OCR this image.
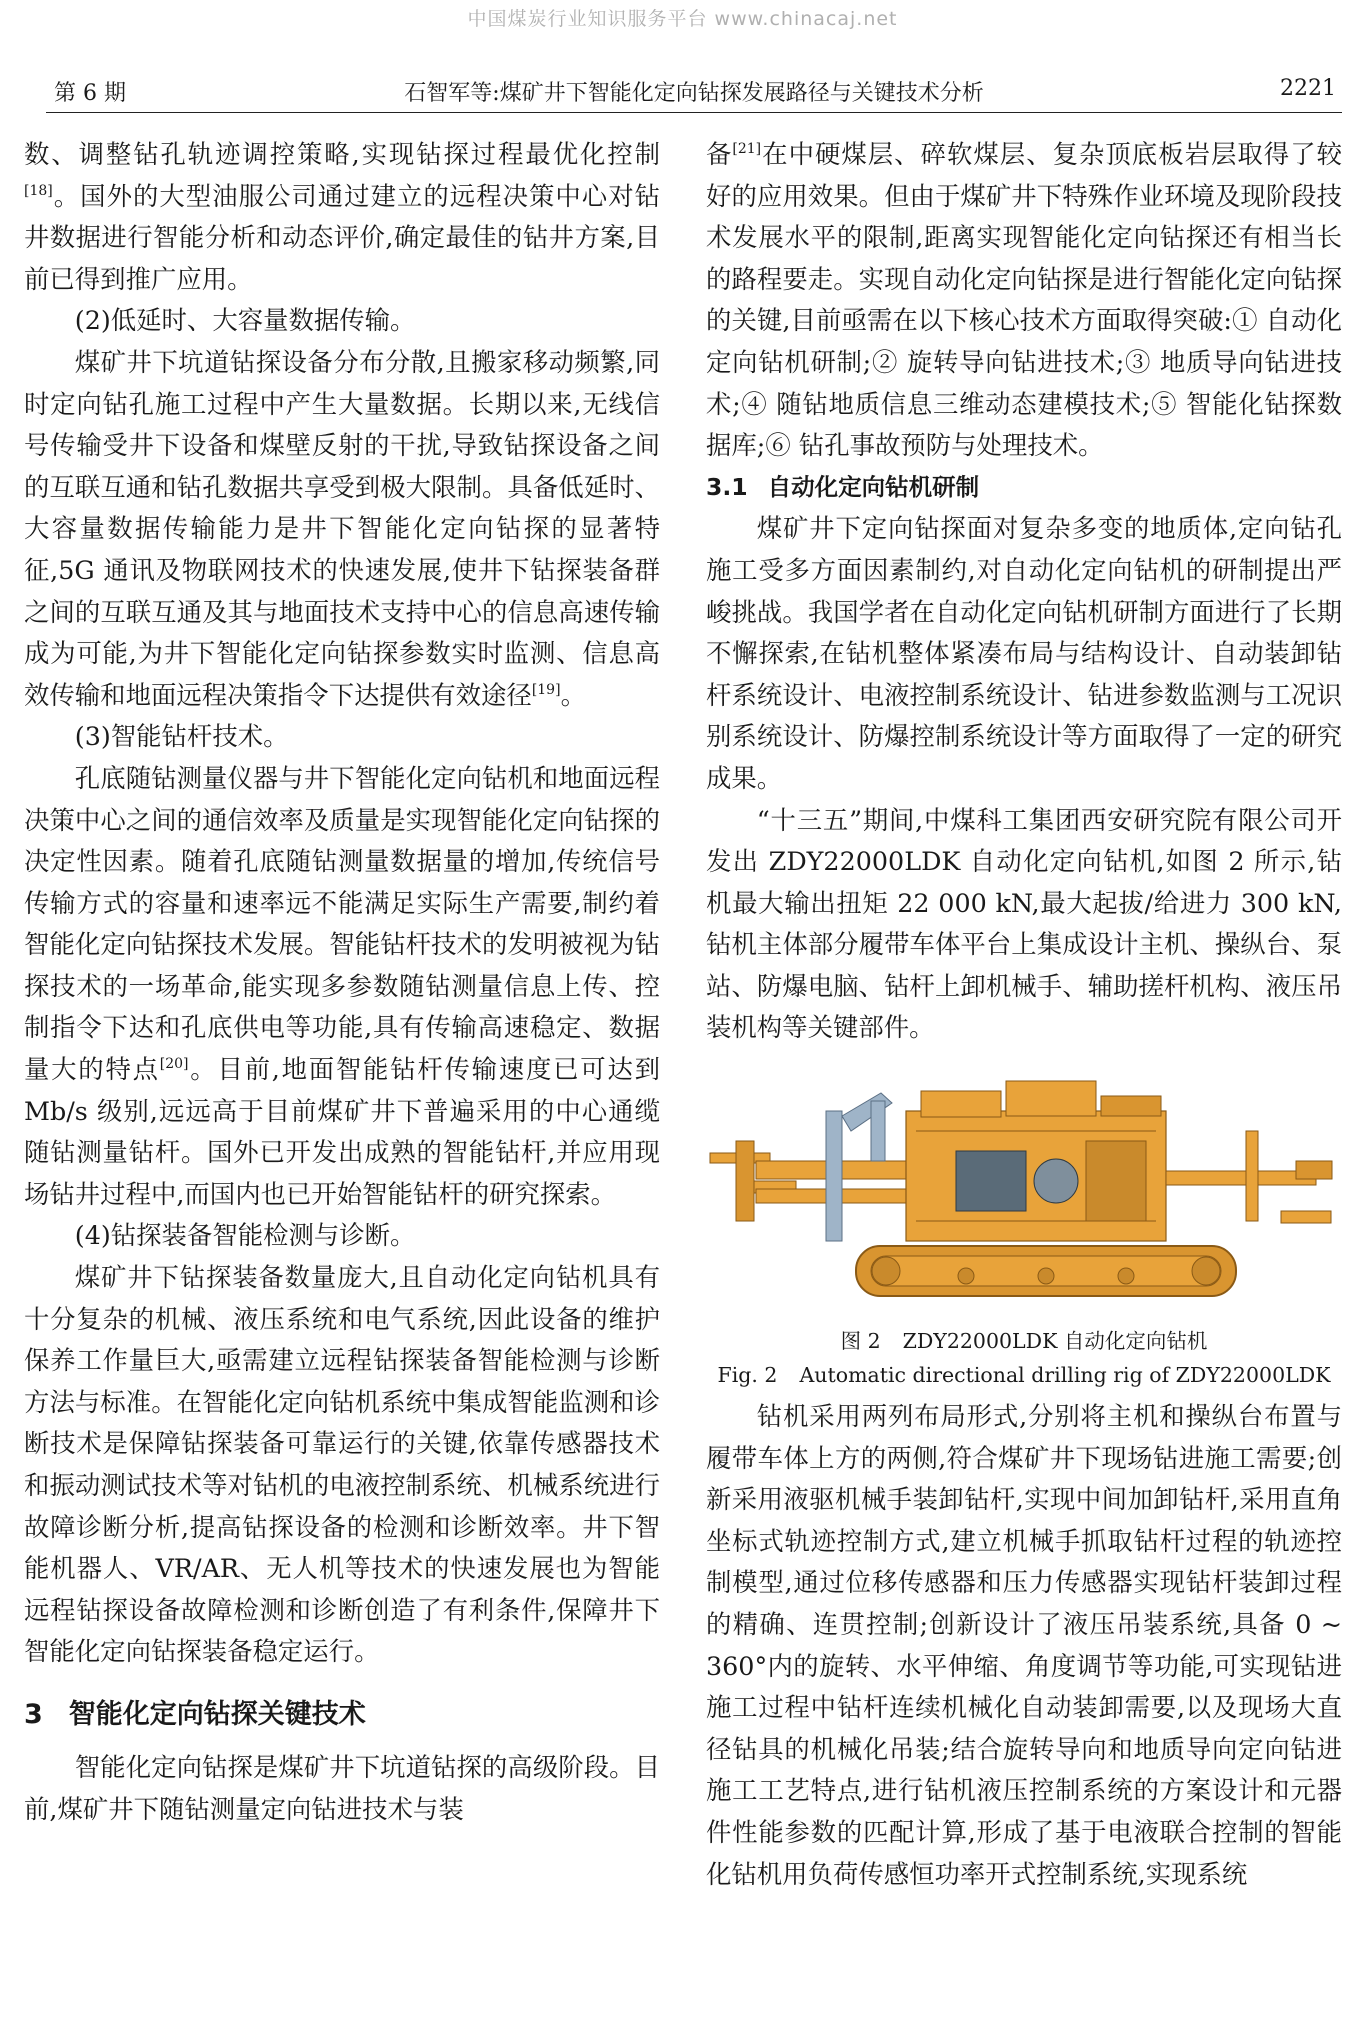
中国煤炭行业知识服务平台 www.chinacaj.net
第 6 期	石智军等:煤矿井下智能化定向钻探发展路径与关键技术分析	2221

数、调整钻孔轨迹调控策略,实现钻探过程最优化控制[18]。国外的大型油服公司通过建立的远程决策中心对钻井数据进行智能分析和动态评价,确定最佳的钻井方案,目前已得到推广应用。

(2)低延时、大容量数据传输。

煤矿井下坑道钻探设备分布分散,且搬家移动频繁,同时定向钻孔施工过程中产生大量数据。长期以来,无线信号传输受井下设备和煤壁反射的干扰,导致钻探设备之间的互联互通和钻孔数据共享受到极大限制。具备低延时、大容量数据传输能力是井下智能化定向钻探的显著特征,5G 通讯及物联网技术的快速发展,使井下钻探装备群之间的互联互通及其与地面技术支持中心的信息高速传输成为可能,为井下智能化定向钻探参数实时监测、信息高效传输和地面远程决策指令下达提供有效途径[19]。

(3)智能钻杆技术。

孔底随钻测量仪器与井下智能化定向钻机和地面远程决策中心之间的通信效率及质量是实现智能化定向钻探的决定性因素。随着孔底随钻测量数据量的增加,传统信号传输方式的容量和速率远不能满足实际生产需要,制约着智能化定向钻探技术发展。智能钻杆技术的发明被视为钻探技术的一场革命,能实现多参数随钻测量信息上传、控制指令下达和孔底供电等功能,具有传输高速稳定、数据量大的特点[20]。目前,地面智能钻杆传输速度已可达到 Mb/s 级别,远远高于目前煤矿井下普遍采用的中心通缆随钻测量钻杆。国外已开发出成熟的智能钻杆,并应用现场钻井过程中,而国内也已开始智能钻杆的研究探索。

(4)钻探装备智能检测与诊断。

煤矿井下钻探装备数量庞大,且自动化定向钻机具有十分复杂的机械、液压系统和电气系统,因此设备的维护保养工作量巨大,亟需建立远程钻探装备智能检测与诊断方法与标准。在智能化定向钻机系统中集成智能监测和诊断技术是保障钻探装备可靠运行的关键,依靠传感器技术和振动测试技术等对钻机的电液控制系统、机械系统进行故障诊断分析,提高钻探设备的检测和诊断效率。井下智能机器人、VR/AR、无人机等技术的快速发展也为智能远程钻探设备故障检测和诊断创造了有利条件,保障井下智能化定向钻探装备稳定运行。

3 智能化定向钻探关键技术

智能化定向钻探是煤矿井下坑道钻探的高级阶段。目前,煤矿井下随钻测量定向钻进技术与装

备[21]在中硬煤层、碎软煤层、复杂顶底板岩层取得了较好的应用效果。但由于煤矿井下特殊作业环境及现阶段技术发展水平的限制,距离实现智能化定向钻探还有相当长的路程要走。实现自动化定向钻探是进行智能化定向钻探的关键,目前亟需在以下核心技术方面取得突破:① 自动化定向钻机研制;② 旋转导向钻进技术;③ 地质导向钻进技术;④ 随钻地质信息三维动态建模技术;⑤ 智能化钻探数据库;⑥ 钻孔事故预防与处理技术。

3.1 自动化定向钻机研制

煤矿井下定向钻探面对复杂多变的地质体,定向钻孔施工受多方面因素制约,对自动化定向钻机的研制提出严峻挑战。我国学者在自动化定向钻机研制方面进行了长期不懈探索,在钻机整体紧凑布局与结构设计、自动装卸钻杆系统设计、电液控制系统设计、钻进参数监测与工况识别系统设计、防爆控制系统设计等方面取得了一定的研究成果。

“十三五”期间,中煤科工集团西安研究院有限公司开发出 ZDY22000LDK 自动化定向钻机,如图 2 所示,钻机最大输出扭矩 22 000 kN,最大起拔/给进力 300 kN,钻机主体部分履带车体平台上集成设计主机、操纵台、泵站、防爆电脑、钻杆上卸机械手、辅助搓杆机构、液压吊装机构等关键部件。

图 2 ZDY22000LDK 自动化定向钻机

Fig. 2 Automatic directional drilling rig of ZDY22000LDK

钻机采用两列布局形式,分别将主机和操纵台布置与履带车体上方的两侧,符合煤矿井下现场钻进施工需要;创新采用液驱机械手装卸钻杆,实现中间加卸钻杆,采用直角坐标式轨迹控制方式,建立机械手抓取钻杆过程的轨迹控制模型,通过位移传感器和压力传感器实现钻杆装卸过程的精确、连贯控制;创新设计了液压吊装系统,具备 0 ~ 360°内的旋转、水平伸缩、角度调节等功能,可实现钻进施工过程中钻杆连续机械化自动装卸需要,以及现场大直径钻具的机械化吊装;结合旋转导向和地质导向定向钻进施工工艺特点,进行钻机液压控制系统的方案设计和元器件性能参数的匹配计算,形成了基于电液联合控制的智能化钻机用负荷传感恒功率开式控制系统,实现系统
